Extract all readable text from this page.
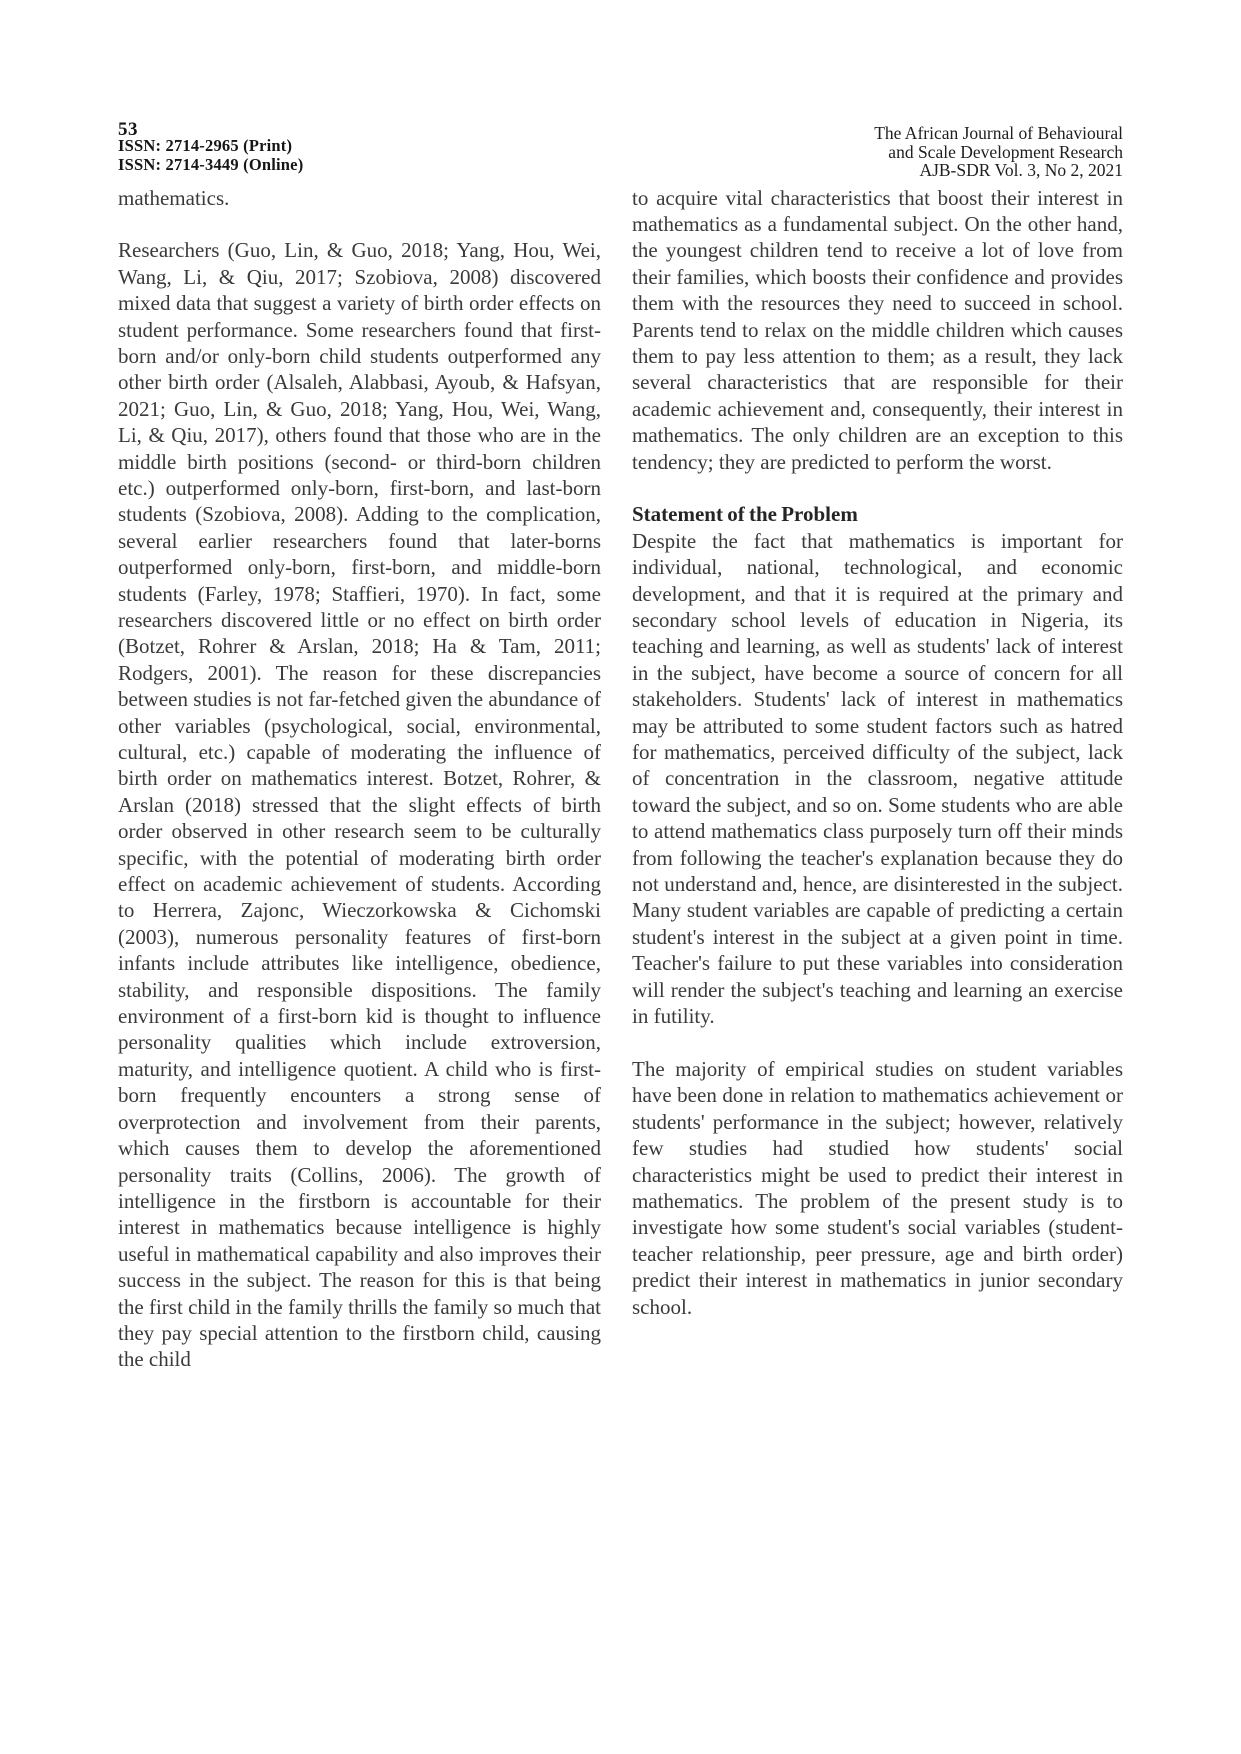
53
ISSN: 2714-2965 (Print)
ISSN: 2714-3449 (Online)
The African Journal of Behavioural
and Scale Development Research
AJB-SDR Vol. 3, No 2, 2021

mathematics.

Researchers (Guo, Lin, & Guo, 2018; Yang, Hou, Wei, Wang, Li, & Qiu, 2017; Szobiova, 2008) discovered mixed data that suggest a variety of birth order effects on student performance. Some researchers found that first-born and/or only-born child students outperformed any other birth order (Alsaleh, Alabbasi, Ayoub, & Hafsyan, 2021; Guo, Lin, & Guo, 2018; Yang, Hou, Wei, Wang, Li, & Qiu, 2017), others found that those who are in the middle birth positions (second- or third-born children etc.) outperformed only-born, first-born, and last-born students (Szobiova, 2008). Adding to the complication, several earlier researchers found that later-borns outperformed only-born, first-born, and middle-born students (Farley, 1978; Staffieri, 1970). In fact, some researchers discovered little or no effect on birth order (Botzet, Rohrer & Arslan, 2018; Ha & Tam, 2011; Rodgers, 2001). The reason for these discrepancies between studies is not far-fetched given the abundance of other variables (psychological, social, environmental, cultural, etc.) capable of moderating the influence of birth order on mathematics interest. Botzet, Rohrer, & Arslan (2018) stressed that the slight effects of birth order observed in other research seem to be culturally specific, with the potential of moderating birth order effect on academic achievement of students. According to Herrera, Zajonc, Wieczorkowska & Cichomski (2003), numerous personality features of first-born infants include attributes like intelligence, obedience, stability, and responsible dispositions. The family environment of a first-born kid is thought to influence personality qualities which include extroversion, maturity, and intelligence quotient. A child who is first-born frequently encounters a strong sense of overprotection and involvement from their parents, which causes them to develop the aforementioned personality traits (Collins, 2006). The growth of intelligence in the firstborn is accountable for their interest in mathematics because intelligence is highly useful in mathematical capability and also improves their success in the subject. The reason for this is that being the first child in the family thrills the family so much that they pay special attention to the firstborn child, causing the child

to acquire vital characteristics that boost their interest in mathematics as a fundamental subject. On the other hand, the youngest children tend to receive a lot of love from their families, which boosts their confidence and provides them with the resources they need to succeed in school. Parents tend to relax on the middle children which causes them to pay less attention to them; as a result, they lack several characteristics that are responsible for their academic achievement and, consequently, their interest in mathematics. The only children are an exception to this tendency; they are predicted to perform the worst.

Statement of the Problem

Despite the fact that mathematics is important for individual, national, technological, and economic development, and that it is required at the primary and secondary school levels of education in Nigeria, its teaching and learning, as well as students' lack of interest in the subject, have become a source of concern for all stakeholders. Students' lack of interest in mathematics may be attributed to some student factors such as hatred for mathematics, perceived difficulty of the subject, lack of concentration in the classroom, negative attitude toward the subject, and so on. Some students who are able to attend mathematics class purposely turn off their minds from following the teacher's explanation because they do not understand and, hence, are disinterested in the subject. Many student variables are capable of predicting a certain student's interest in the subject at a given point in time. Teacher's failure to put these variables into consideration will render the subject's teaching and learning an exercise in futility.

The majority of empirical studies on student variables have been done in relation to mathematics achievement or students' performance in the subject; however, relatively few studies had studied how students' social characteristics might be used to predict their interest in mathematics. The problem of the present study is to investigate how some student's social variables (student-teacher relationship, peer pressure, age and birth order) predict their interest in mathematics in junior secondary school.
